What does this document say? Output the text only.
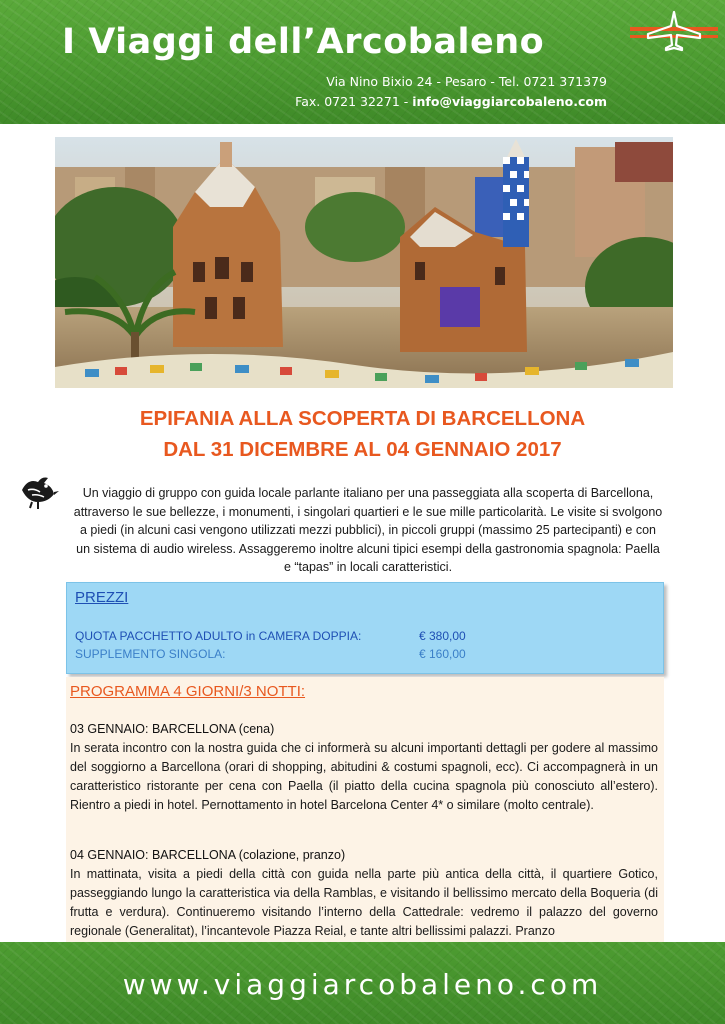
I Viaggi dell’Arcobaleno
Via Nino Bixio 24 - Pesaro - Tel. 0721 371379
Fax. 0721 32271 - info@viaggiarcobaleno.com
EPIFANIA ALLA SCOPERTA DI BARCELLONA
DAL 31 DICEMBRE AL 04 GENNAIO 2017
Un viaggio di gruppo con guida locale parlante italiano per una passeggiata alla scoperta di Barcellona, attraverso le sue bellezze, i monumenti, i singolari quartieri e le sue mille particolarità. Le visite si svolgono a piedi (in alcuni casi vengono utilizzati mezzi pubblici), in piccoli gruppi (massimo 25 partecipanti) e con un sistema di audio wireless. Assaggeremo inoltre alcuni tipici esempi della gastronomia spagnola: Paella e “tapas” in locali caratteristici.
PREZZI
QUOTA PACCHETTO ADULTO in CAMERA DOPPIA:	€ 380,00
SUPPLEMENTO SINGOLA:	€ 160,00
PROGRAMMA 4 GIORNI/3 NOTTI:
03 GENNAIO: BARCELLONA (cena)
In serata incontro con la nostra guida che ci informerà su alcuni importanti dettagli per godere al massimo del soggiorno a Barcellona (orari di shopping, abitudini & costumi spagnoli, ecc). Ci accompagnerà in un caratteristico ristorante per cena con Paella (il piatto della cucina spagnola più conosciuto all’estero). Rientro a piedi in hotel. Pernottamento in hotel Barcelona Center 4* o similare (molto centrale).
04 GENNAIO: BARCELLONA (colazione, pranzo)
In mattinata, visita a piedi della città con guida nella parte più antica della città, il quartiere Gotico, passeggiando lungo la caratteristica via della Ramblas, e visitando il bellissimo mercato della Boqueria (di frutta e verdura). Continueremo visitando l’interno della Cattedrale: vedremo il palazzo del governo regionale (Generalitat), l’incantevole Piazza Reial, e tante altri bellissimi palazzi. Pranzo
www.viaggiarcobaleno.com
